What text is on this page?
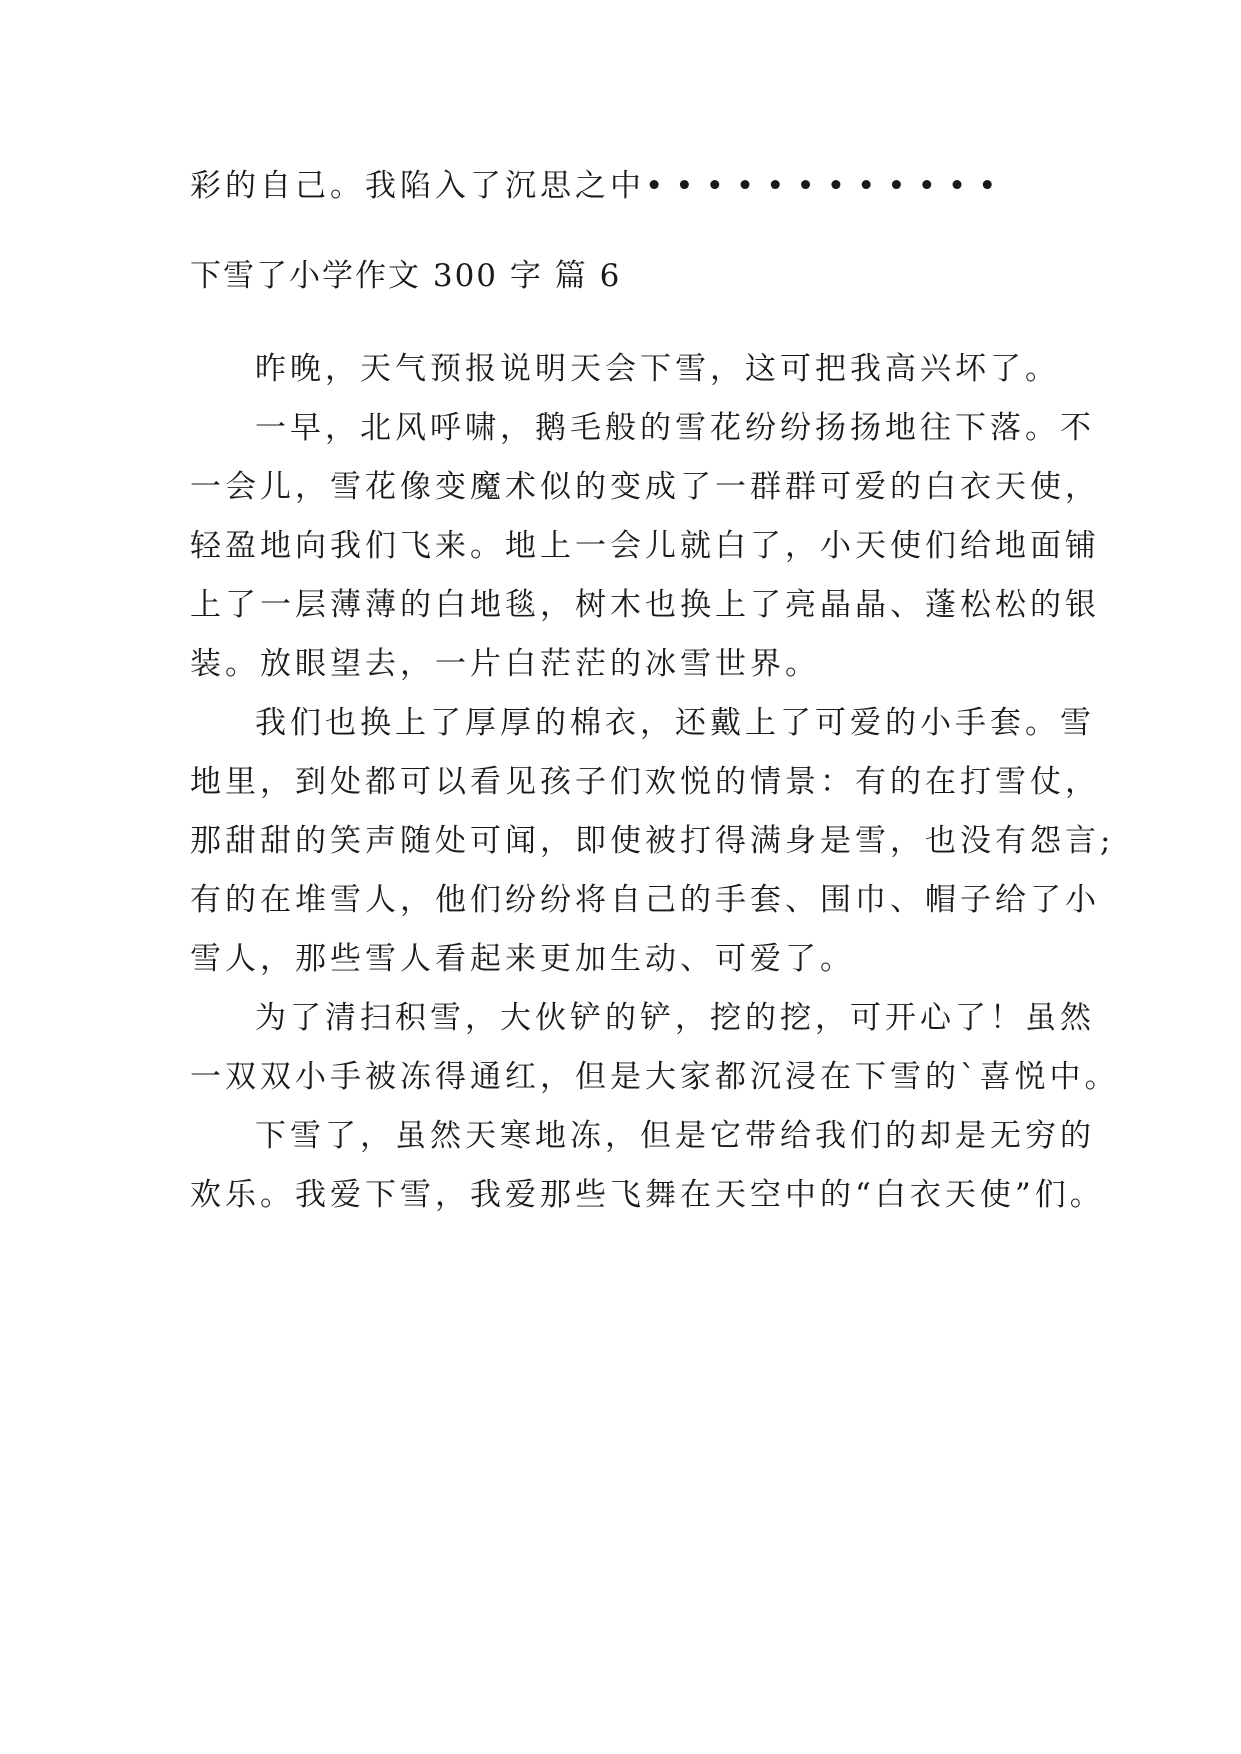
彩的自己。我陷入了沉思之中••••••••••••

下雪了小学作文 300 字 篇 6

昨晚，天气预报说明天会下雪，这可把我高兴坏了。

一早，北风呼啸，鹅毛般的雪花纷纷扬扬地往下落。不

一会儿，雪花像变魔术似的变成了一群群可爱的白衣天使，

轻盈地向我们飞来。地上一会儿就白了，小天使们给地面铺

上了一层薄薄的白地毯，树木也换上了亮晶晶、蓬松松的银

装。放眼望去，一片白茫茫的冰雪世界。

我们也换上了厚厚的棉衣，还戴上了可爱的小手套。雪

地里，到处都可以看见孩子们欢悦的情景：有的在打雪仗，

那甜甜的笑声随处可闻，即使被打得满身是雪，也没有怨言;

有的在堆雪人，他们纷纷将自己的手套、围巾、帽子给了小

雪人，那些雪人看起来更加生动、可爱了。

为了清扫积雪，大伙铲的铲，挖的挖，可开心了！虽然

一双双小手被冻得通红，但是大家都沉浸在下雪的`喜悦中。

下雪了，虽然天寒地冻，但是它带给我们的却是无穷的

欢乐。我爱下雪，我爱那些飞舞在天空中的“白衣天使”们。
